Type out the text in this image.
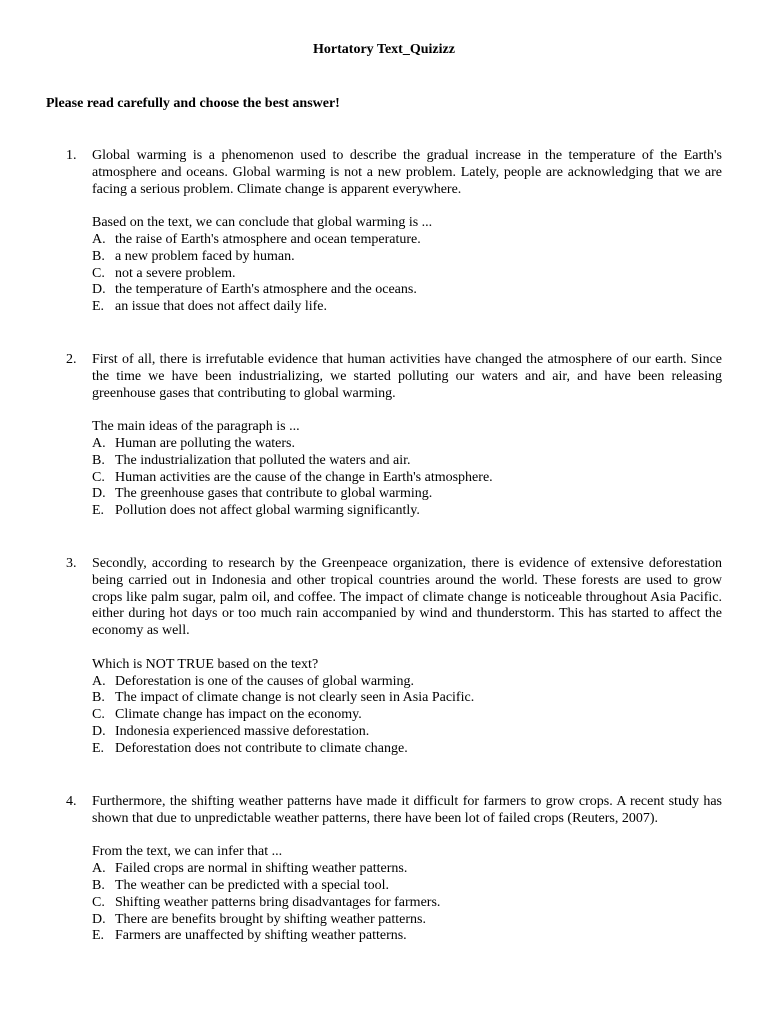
Hortatory Text_Quizizz
Please read carefully and choose the best answer!
1.	Global warming is a phenomenon used to describe the gradual increase in the temperature of the Earth's atmosphere and oceans. Global warming is not a new problem. Lately, people are acknowledging that we are facing a serious problem. Climate change is apparent everywhere.

Based on the text, we can conclude that global warming is ...

A. the raise of Earth's atmosphere and ocean temperature.
B. a new problem faced by human.
C. not a severe problem.
D. the temperature of Earth's atmosphere and the oceans.
E. an issue that does not affect daily life.
2.	First of all, there is irrefutable evidence that human activities have changed the atmosphere of our earth. Since the time we have been industrializing, we started polluting our waters and air, and have been releasing greenhouse gases that contributing to global warming.

The main ideas of the paragraph is ...

A. Human are polluting the waters.
B. The industrialization that polluted the waters and air.
C. Human activities are the cause of the change in Earth's atmosphere.
D. The greenhouse gases that contribute to global warming.
E. Pollution does not affect global warming significantly.
3.	Secondly, according to research by the Greenpeace organization, there is evidence of extensive deforestation being carried out in Indonesia and other tropical countries around the world. These forests are used to grow crops like palm sugar, palm oil, and coffee. The impact of climate change is noticeable throughout Asia Pacific. either during hot days or too much rain accompanied by wind and thunderstorm. This has started to affect the economy as well.

Which is NOT TRUE based on the text?

A. Deforestation is one of the causes of global warming.
B. The impact of climate change is not clearly seen in Asia Pacific.
C. Climate change has impact on the economy.
D. Indonesia experienced massive deforestation.
E. Deforestation does not contribute to climate change.
4.	Furthermore, the shifting weather patterns have made it difficult for farmers to grow crops. A recent study has shown that due to unpredictable weather patterns, there have been lot of failed crops (Reuters, 2007).

From the text, we can infer that ...

A. Failed crops are normal in shifting weather patterns.
B. The weather can be predicted with a special tool.
C. Shifting weather patterns bring disadvantages for farmers.
D. There are benefits brought by shifting weather patterns.
E. Farmers are unaffected by shifting weather patterns.
